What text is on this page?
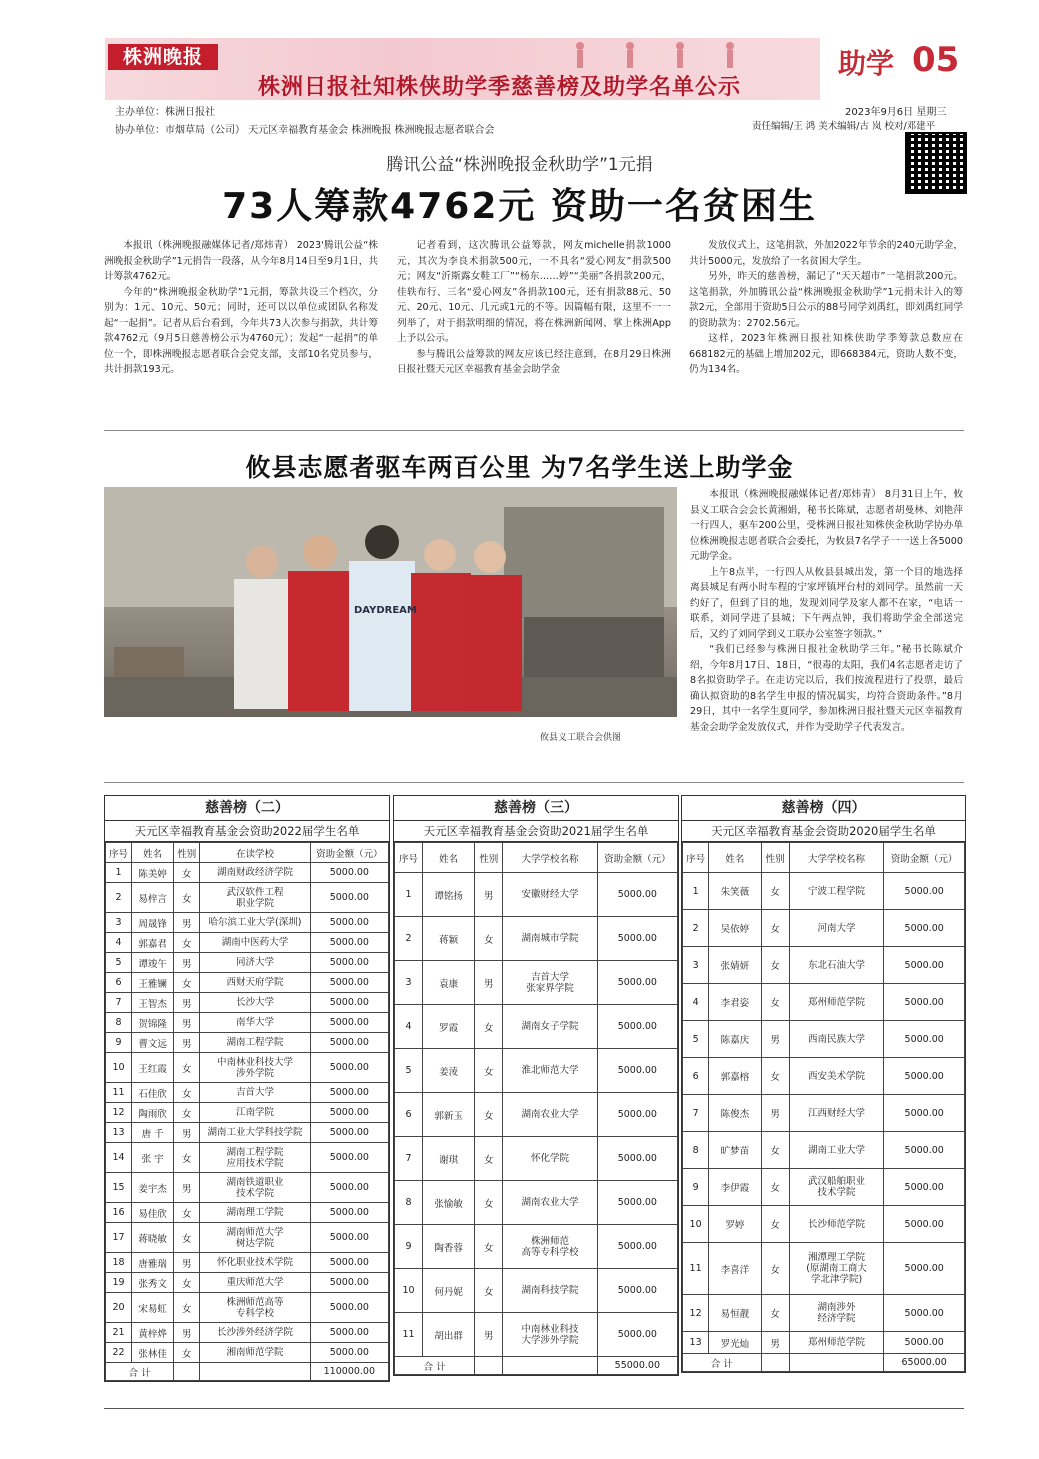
株洲晚报
株洲日报社知株侠助学季慈善榜及助学名单公示
助学 05
主办单位：株洲日报社
协办单位：市烟草局（公司） 天元区幸福教育基金会 株洲晚报 株洲晚报志愿者联合会
2023年9月6日 星期三
责任编辑/王 鸿 美术编辑/古 岚 校对/邓建平
腾讯公益“株洲晚报金秋助学”1元捐
73人筹款4762元 资助一名贫困生

本报讯（株洲晚报融媒体记者/郑炜青） 2023'腾讯公益“株洲晚报金秋助学”1元捐告一段落，从今年8月14日至9月1日，共计筹款4762元。

今年的“株洲晚报金秋助学”1元捐，筹款共设三个档次，分别为：1元、10元、50元；同时，还可以以单位或团队名称发起“一起捐”。记者从后台看到，今年共73人次参与捐款，共计筹款4762元（9月5日慈善榜公示为4760元）；发起“一起捐”的单位一个，即株洲晚报志愿者联合会党支部，支部10名党员参与，共计捐款193元。

记者看到，这次腾讯公益筹款，网友michelle捐款1000元，其次为李良术捐款500元，一不具名“爱心网友”捐款500元；网友“沂斯露女鞋工厂”“杨东……婷”“美丽”各捐款200元，佳轶布行、三名“爱心网友”各捐款100元，还有捐款88元、50元、20元、10元、几元或1元的不等。因篇幅有限，这里不一一列举了，对于捐款明细的情况，将在株洲新闻网、掌上株洲App上予以公示。

参与腾讯公益筹款的网友应该已经注意到，在8月29日株洲日报社暨天元区幸福教育基金会助学金

发放仪式上，这笔捐款，外加2022年节余的240元助学金，共计5000元，发放给了一名贫困大学生。

另外，昨天的慈善榜，漏记了“天天超市”一笔捐款200元。这笔捐款，外加腾讯公益“株洲晚报金秋助学”1元捐未计入的筹款2元，全部用于资助5日公示的88号同学刘禹红，即刘禹红同学的资助款为：2702.56元。

这样，2023年株洲日报社知株侠助学季筹款总数应在668182元的基础上增加202元，即668384元，资助人数不变，仍为134名。

攸县志愿者驱车两百公里 为7名学生送上助学金
DAYDREAM
攸县义工联合会供图

本报讯（株洲晚报融媒体记者/郑炜青） 8月31日上午，攸县义工联合会会长黄湘娟，秘书长陈斌，志愿者胡曼林、刘艳萍一行四人，驱车200公里，受株洲日报社知株侠金秋助学协办单位株洲晚报志愿者联合会委托，为攸县7名学子一一送上各5000元助学金。

上午8点半，一行四人从攸县县城出发，第一个目的地选择离县城足有两小时车程的宁家坪镇坪台村的刘同学。虽然前一天约好了，但到了目的地，发现刘同学及家人都不在家，“电话一联系，刘同学进了县城；下午两点钟，我们将助学金全部送完后，又约了刘同学到义工联办公室签字领款。”

“我们已经参与株洲日报社金秋助学三年。”秘书长陈斌介绍，今年8月17日、18日，“很毒的太阳，我们4名志愿者走访了8名拟资助学子。在走访完以后，我们按流程进行了投票，最后确认拟资助的8名学生申报的情况属实，均符合资助条件。”8月29日，其中一名学生夏同学，参加株洲日报社暨天元区幸福教育基金会助学金发放仪式，并作为受助学子代表发言。

慈善榜（二）
天元区幸福教育基金会资助2022届学生名单
序号	姓名	性别	在读学校	资助金额（元）
1	陈美婷	女	湖南财政经济学院	5000.00
2	易梓言	女	武汉软件工程
职业学院	5000.00
3	周晟锋	男	哈尔滨工业大学(深圳)	5000.00
4	郭嘉君	女	湖南中医药大学	5000.00
5	谭竣午	男	同济大学	5000.00
6	王雅镧	女	西财天府学院	5000.00
7	王智杰	男	长沙大学	5000.00
8	贺锦隆	男	南华大学	5000.00
9	曹文远	男	湖南工程学院	5000.00
10	王红霞	女	中南林业科技大学
涉外学院	5000.00
11	石佳欣	女	吉首大学	5000.00
12	陶雨欣	女	江南学院	5000.00
13	唐 千	男	湖南工业大学科技学院	5000.00
14	张 宇	女	湖南工程学院
应用技术学院	5000.00
15	姜宇杰	男	湖南铁道职业
技术学院	5000.00
16	易佳欣	女	湖南理工学院	5000.00
17	蒋晓敏	女	湖南师范大学
树达学院	5000.00
18	唐雅瑞	男	怀化职业技术学院	5000.00
19	张秀文	女	重庆师范大学	5000.00
20	宋易虹	女	株洲师范高等
专科学校	5000.00
21	黄梓烨	男	长沙涉外经济学院	5000.00
22	张林佳	女	湘南师范学院	5000.00
合 计				110000.00
慈善榜（三）
天元区幸福教育基金会资助2021届学生名单
序号	姓名	性别	大学学校名称	资助金额（元）
1	谭铭扬	男	安徽财经大学	5000.00
2	蒋颖	女	湖南城市学院	5000.00
3	袁康	男	吉首大学
张家界学院	5000.00
4	罗霞	女	湖南女子学院	5000.00
5	姜淩	女	淮北师范大学	5000.00
6	郭新玉	女	湖南农业大学	5000.00
7	谢琪	女	怀化学院	5000.00
8	张愉敏	女	湖南农业大学	5000.00
9	陶香蓉	女	株洲师范
高等专科学校	5000.00
10	何丹妮	女	湖南科技学院	5000.00
11	胡出群	男	中南林业科技
大学涉外学院	5000.00
合 计				55000.00
慈善榜（四）
天元区幸福教育基金会资助2020届学生名单
序号	姓名	性别	大学学校名称	资助金额（元）
1	朱笑薇	女	宁波工程学院	5000.00
2	吴依婷	女	河南大学	5000.00
3	张婧妍	女	东北石油大学	5000.00
4	李君姿	女	郑州师范学院	5000.00
5	陈嘉庆	男	西南民族大学	5000.00
6	郭嘉榕	女	西安美术学院	5000.00
7	陈俊杰	男	江西财经大学	5000.00
8	旷梦苗	女	湖南工业大学	5000.00
9	李伊霞	女	武汉船舶职业
技术学院	5000.00
10	罗婷	女	长沙师范学院	5000.00
11	李喜洋	女	湘潭理工学院
(原湖南工商大
学北津学院)	5000.00
12	易恒靓	女	湖南涉外
经济学院	5000.00
13	罗光灿	男	郑州师范学院	5000.00
合 计				65000.00
